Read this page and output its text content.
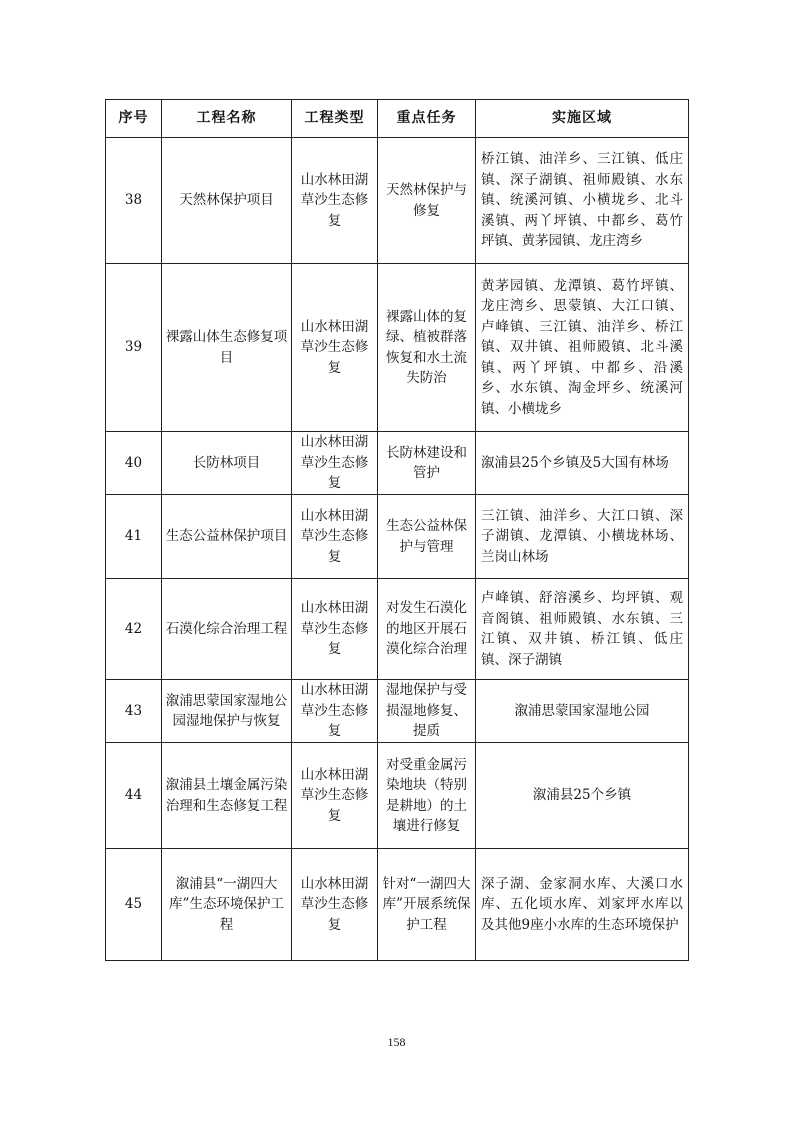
序号	工程名称	工程类型	重点任务	实施区域
38	天然林保护项目	山水林田湖草沙生态修复	天然林保护与修复	桥江镇、油洋乡、三江镇、低庄镇、深子湖镇、祖师殿镇、水东镇、统溪河镇、小横垅乡、北斗溪镇、两丫坪镇、中都乡、葛竹坪镇、黄茅园镇、龙庄湾乡
39	裸露山体生态修复项目	山水林田湖草沙生态修复	裸露山体的复绿、植被群落恢复和水土流失防治	黄茅园镇、龙潭镇、葛竹坪镇、龙庄湾乡、思蒙镇、大江口镇、卢峰镇、三江镇、油洋乡、桥江镇、双井镇、祖师殿镇、北斗溪镇、两丫坪镇、中都乡、沿溪乡、水东镇、淘金坪乡、统溪河镇、小横垅乡
40	长防林项目	山水林田湖草沙生态修复	长防林建设和管护	溆浦县25个乡镇及5大国有林场
41	生态公益林保护项目	山水林田湖草沙生态修复	生态公益林保护与管理	三江镇、油洋乡、大江口镇、深子湖镇、龙潭镇、小横垅林场、兰岗山林场
42	石漠化综合治理工程	山水林田湖草沙生态修复	对发生石漠化的地区开展石漠化综合治理	卢峰镇、舒溶溪乡、均坪镇、观音阁镇、祖师殿镇、水东镇、三江镇、双井镇、桥江镇、低庄镇、深子湖镇
43	溆浦思蒙国家湿地公园湿地保护与恢复	山水林田湖草沙生态修复	湿地保护与受损湿地修复、提质	溆浦思蒙国家湿地公园
44	溆浦县土壤金属污染治理和生态修复工程	山水林田湖草沙生态修复	对受重金属污染地块（特别是耕地）的土壤进行修复	溆浦县25个乡镇
45	溆浦县“一湖四大库”生态环境保护工程	山水林田湖草沙生态修复	针对“一湖四大库”开展系统保护工程	深子湖、金家洞水库、大溪口水库、五化顷水库、刘家坪水库以及其他9座小水库的生态环境保护
158
